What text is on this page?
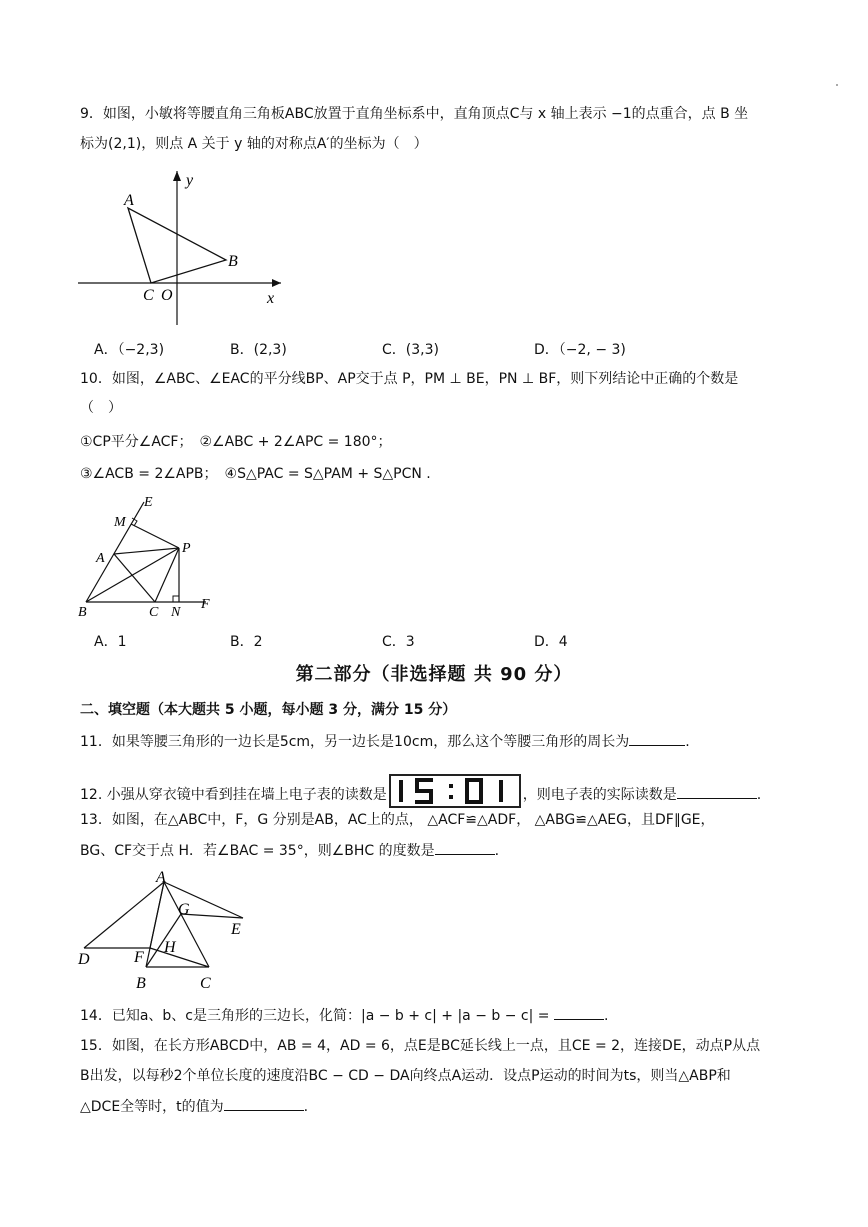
9．如图，小敏将等腰直角三角板ABC放置于直角坐标系中，直角顶点C与 x 轴上表示 −1的点重合，点 B 坐
标为(2,1)，则点 A 关于 y 轴的对称点A′的坐标为（　）
A
B
C O	x
y
A．（−2,3)	B．(2,3)	C．(3,3)	D．（−2, − 3)
10．如图，∠ABC、∠EAC的平分线BP、AP交于点 P，PM ⊥ BE，PN ⊥ BF，则下列结论中正确的个数是
（　）
①CP平分∠ACF；　②∠ABC + 2∠APC = 180°；
③∠ACB = 2∠APB；　④S△PAC = S△PAM + S△PCN .
E
M
A
P
B	C N
F
A．1	B．2	C．3	D．4
第二部分（非选择题 共 90 分）
二、填空题（本大题共 5 小题，每小题 3 分，满分 15 分）
11．如果等腰三角形的一边长是5cm，另一边长是10cm，那么这个等腰三角形的周长为	.
12. 小强从穿衣镜中看到挂在墙上电子表的读数是	，则电子表的实际读数是	.
13．如图，在△ABC中，F，G 分别是AB，AC上的点， △ACF≌△ADF， △ABG≌△AEG，且DF∥GE，
BG、CF交于点 H．若∠BAC = 35°，则∠BHC 的度数是	.
A
G
E
H
D	F
B	C
14．已知a、b、c是三角形的三边长，化简：|a − b + c| + |a − b − c| =	.
15．如图，在长方形ABCD中，AB = 4，AD = 6，点E是BC延长线上一点，且CE = 2，连接DE，动点P从点
B出发，以每秒2个单位长度的速度沿BC − CD − DA向终点A运动．设点P运动的时间为ts，则当△ABP和
△DCE全等时，t的值为	.
